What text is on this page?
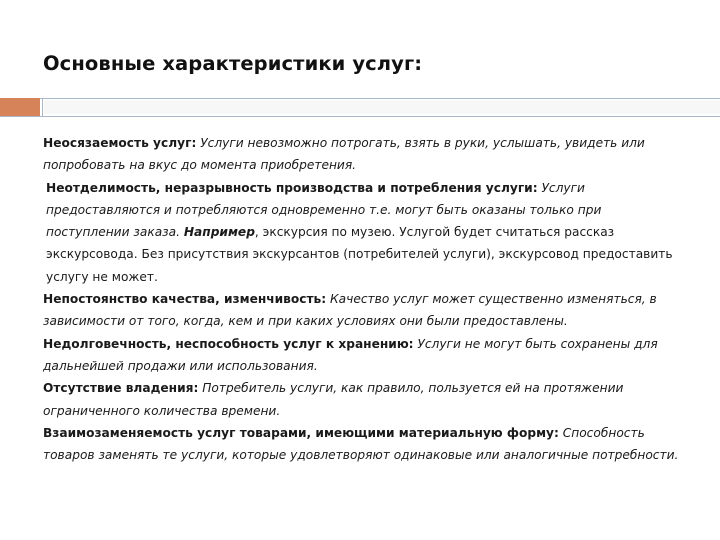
Основные характеристики услуг:

Неосязаемость услуг: Услуги невозможно потрогать, взять в руки, услышать, увидеть или попробовать на вкус до момента приобретения.

Неотделимость, неразрывность производства и потребления услуги: Услуги предоставляются и потребляются одновременно т.е. могут быть оказаны только при поступлении заказа. Например, экскурсия по музею. Услугой будет считаться рассказ экскурсовода. Без присутствия экскурсантов (потребителей услуги), экскурсовод предоставить услугу не может.

Непостоянство качества, изменчивость: Качество услуг может существенно изменяться, в зависимости от того, когда, кем и при каких условиях они были предоставлены.

Недолговечность, неспособность услуг к хранению: Услуги не могут быть сохранены для дальнейшей продажи или использования.

Отсутствие владения: Потребитель услуги, как правило, пользуется ей на протяжении ограниченного количества времени.

Взаимозаменяемость услуг товарами, имеющими материальную форму: Способность товаров заменять те услуги, которые удовлетворяют одинаковые или аналогичные потребности.
